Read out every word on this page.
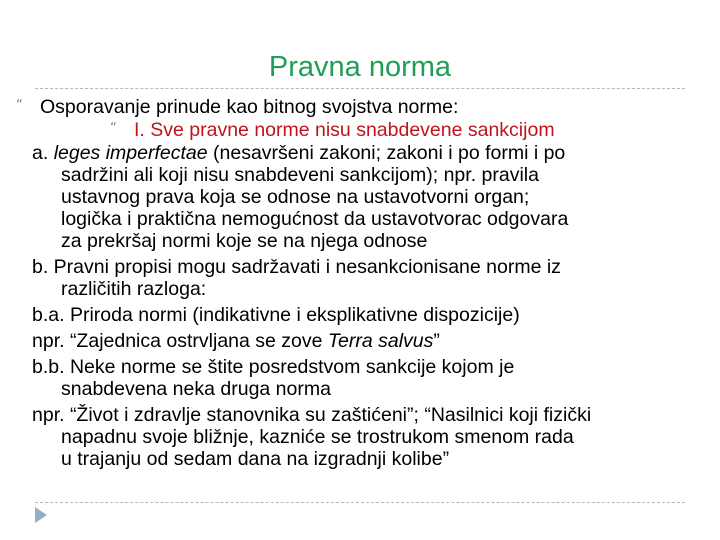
Pravna norma
“ Osporavanje prinude kao bitnog svojstva norme:
“ I. Sve pravne norme nisu snabdevene sankcijom
a. leges imperfectae (nesavršeni zakoni; zakoni i po formi i po
sadržini ali koji nisu snabdeveni sankcijom); npr. pravila
ustavnog prava koja se odnose na ustavotvorni organ;
logička i praktična nemogućnost da ustavotvorac odgovara
za prekršaj normi koje se na njega odnose
b. Pravni propisi mogu sadržavati i nesankcionisane norme iz
različitih razloga:
b.a. Priroda normi (indikativne i eksplikativne dispozicije)
npr. “Zajednica ostrvljana se zove Terra salvus”
b.b. Neke norme se štite posredstvom sankcije kojom je
snabdevena neka druga norma
npr. “Život i zdravlje stanovnika su zaštićeni”; “Nasilnici koji fizički
napadnu svoje bližnje, kazniće se trostrukom smenom rada
u trajanju od sedam dana na izgradnji kolibe”
